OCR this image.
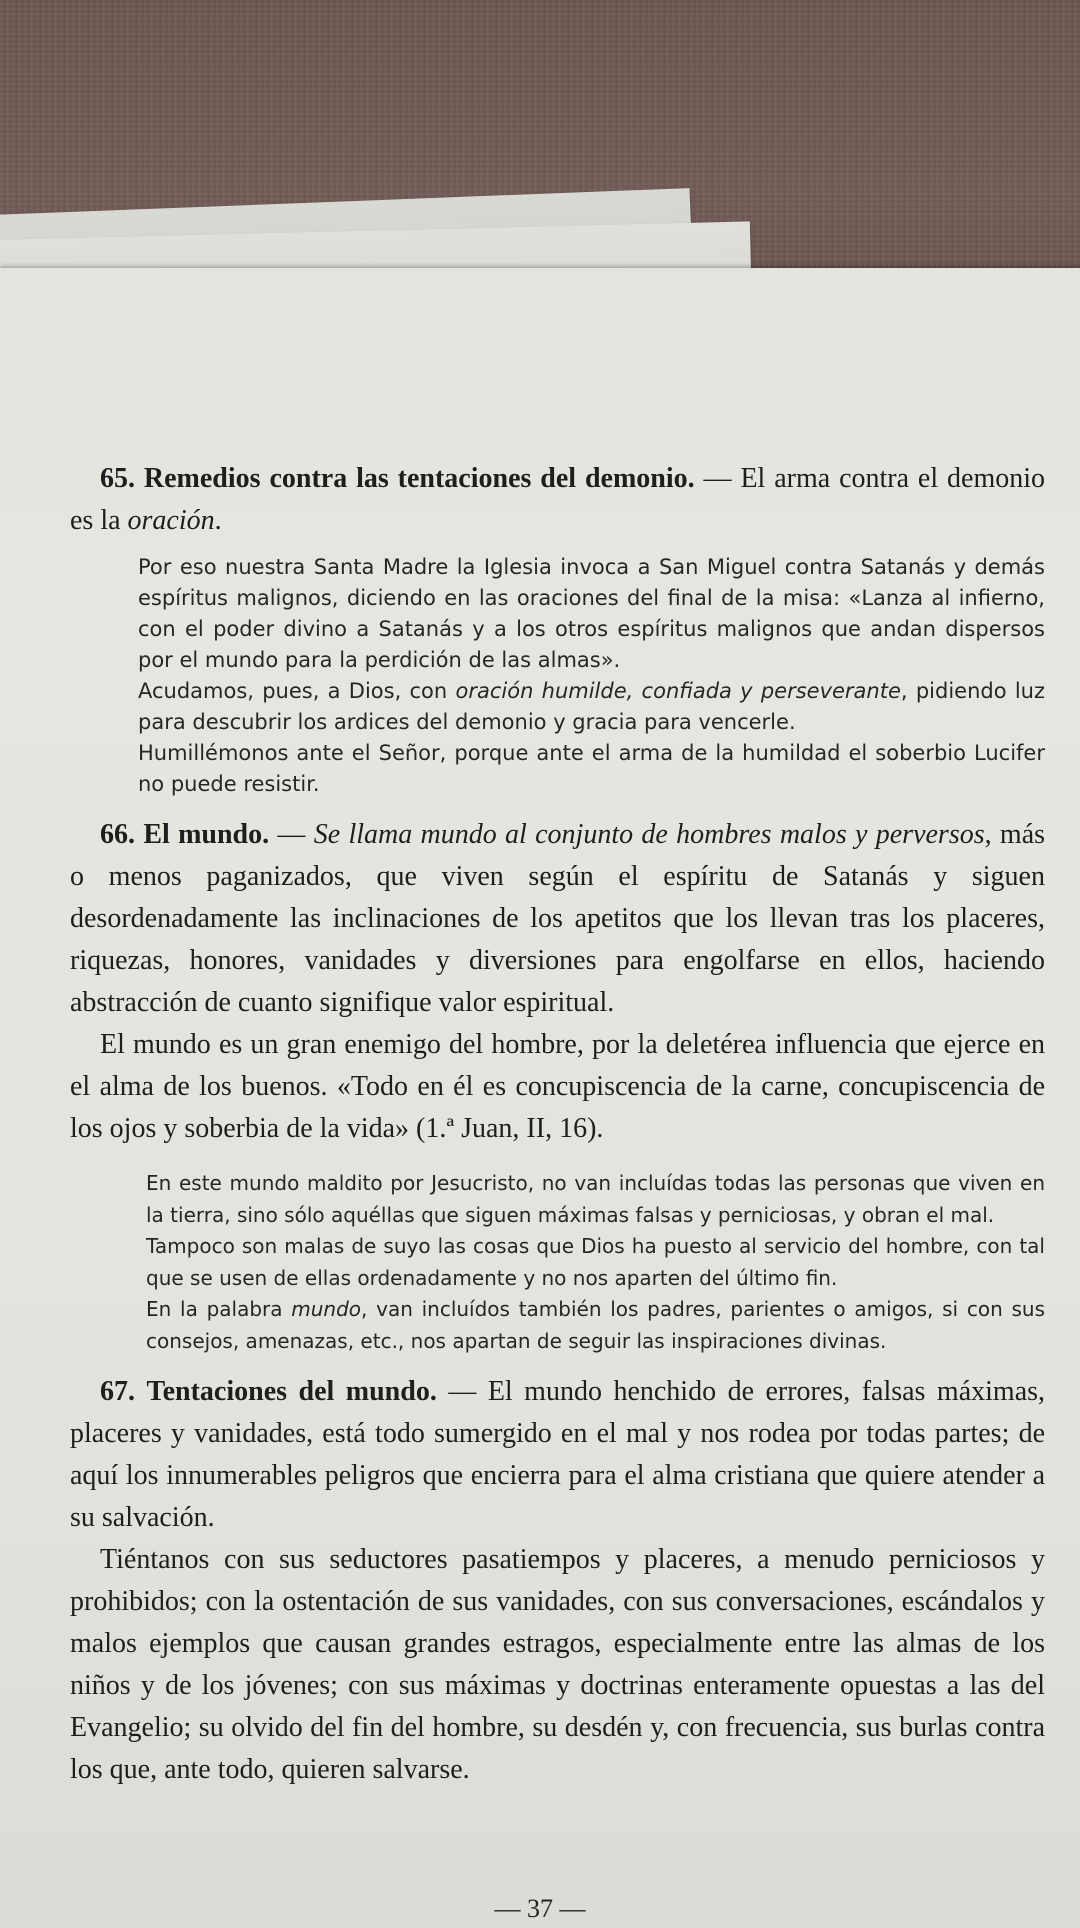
65. Remedios contra las tentaciones del demonio. — El arma contra el demonio es la oración.

Por eso nuestra Santa Madre la Iglesia invoca a San Miguel contra Satanás y demás espíritus malignos, diciendo en las oraciones del final de la misa: «Lanza al infierno, con el poder divino a Satanás y a los otros espíritus malignos que andan dispersos por el mundo para la perdición de las almas».

Acudamos, pues, a Dios, con oración humilde, confiada y perseverante, pidiendo luz para descubrir los ardices del demonio y gracia para vencerle.

Humillémonos ante el Señor, porque ante el arma de la humildad el soberbio Lucifer no puede resistir.

66. El mundo. — Se llama mundo al conjunto de hombres malos y perversos, más o menos paganizados, que viven según el espíritu de Satanás y siguen desordenadamente las inclinaciones de los apetitos que los llevan tras los placeres, riquezas, honores, vanidades y diversiones para engolfarse en ellos, haciendo abstracción de cuanto signifique valor espiritual.

El mundo es un gran enemigo del hombre, por la deletérea influencia que ejerce en el alma de los buenos. «Todo en él es concupiscencia de la carne, concupiscencia de los ojos y soberbia de la vida» (1.ª Juan, II, 16).

En este mundo maldito por Jesucristo, no van incluídas todas las personas que viven en la tierra, sino sólo aquéllas que siguen máximas falsas y perniciosas, y obran el mal.

Tampoco son malas de suyo las cosas que Dios ha puesto al servicio del hombre, con tal que se usen de ellas ordenadamente y no nos aparten del último fin.

En la palabra mundo, van incluídos también los padres, parientes o amigos, si con sus consejos, amenazas, etc., nos apartan de seguir las inspiraciones divinas.

67. Tentaciones del mundo. — El mundo henchido de errores, falsas máximas, placeres y vanidades, está todo sumergido en el mal y nos rodea por todas partes; de aquí los innumerables peligros que encierra para el alma cristiana que quiere atender a su salvación.

Tiéntanos con sus seductores pasatiempos y placeres, a menudo perniciosos y prohibidos; con la ostentación de sus vanidades, con sus conversaciones, escándalos y malos ejemplos que causan grandes estragos, especialmente entre las almas de los niños y de los jóvenes; con sus máximas y doctrinas enteramente opuestas a las del Evangelio; su olvido del fin del hombre, su desdén y, con frecuencia, sus burlas contra los que, ante todo, quieren salvarse.

— 37 —
